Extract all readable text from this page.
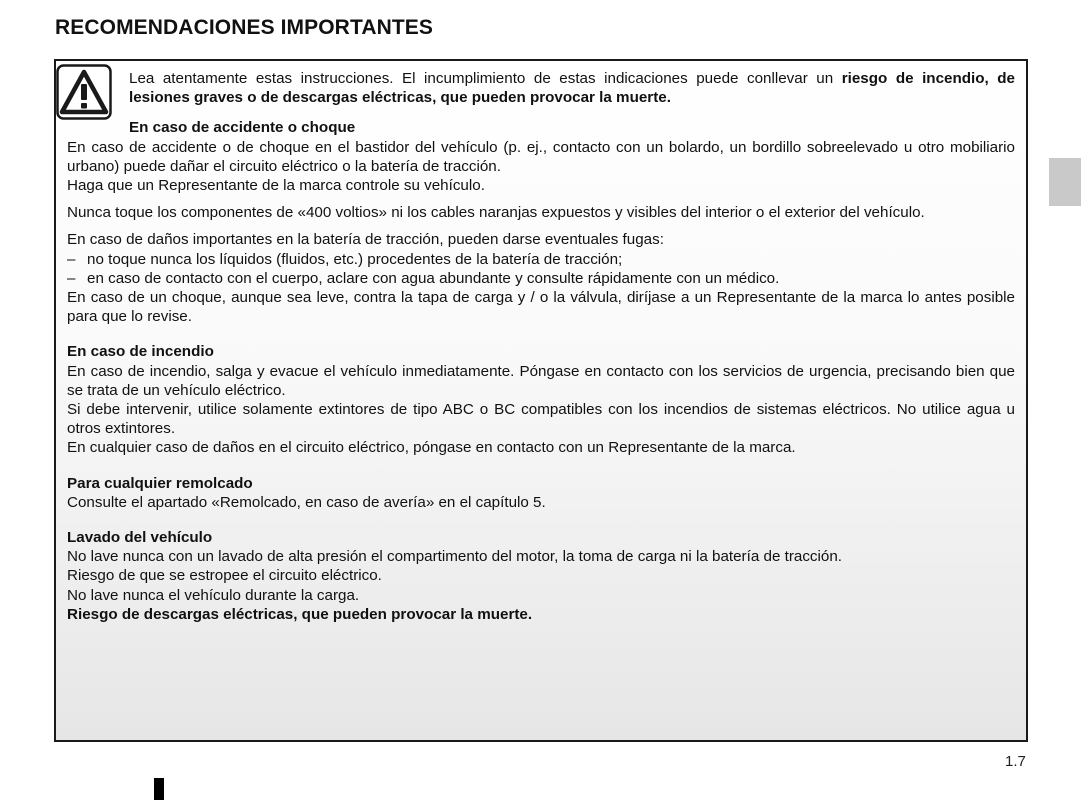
RECOMENDACIONES IMPORTANTES
Lea atentamente estas instrucciones. El incumplimiento de estas indicaciones puede conllevar un riesgo de incendio, de lesiones graves o de descargas eléctricas, que pueden provocar la muerte.

En caso de accidente o choque

En caso de accidente o de choque en el bastidor del vehículo (p. ej., contacto con un bolardo, un bordillo sobreelevado u otro mobiliario urbano) puede dañar el circuito eléctrico o la batería de tracción.

Haga que un Representante de la marca controle su vehículo.

Nunca toque los componentes de «400 voltios» ni los cables naranjas expuestos y visibles del interior o el exterior del vehículo.

En caso de daños importantes en la batería de tracción, pueden darse eventuales fugas:

– no toque nunca los líquidos (fluidos, etc.) procedentes de la batería de tracción;

– en caso de contacto con el cuerpo, aclare con agua abundante y consulte rápidamente con un médico.

En caso de un choque, aunque sea leve, contra la tapa de carga y / o la válvula, diríjase a un Representante de la marca lo antes posible para que lo revise.

En caso de incendio

En caso de incendio, salga y evacue el vehículo inmediatamente. Póngase en contacto con los servicios de urgencia, precisando bien que se trata de un vehículo eléctrico.

Si debe intervenir, utilice solamente extintores de tipo ABC o BC compatibles con los incendios de sistemas eléctricos. No utilice agua u otros extintores.

En cualquier caso de daños en el circuito eléctrico, póngase en contacto con un Representante de la marca.

Para cualquier remolcado

Consulte el apartado «Remolcado, en caso de avería» en el capítulo 5.

Lavado del vehículo

No lave nunca con un lavado de alta presión el compartimento del motor, la toma de carga ni la batería de tracción.

Riesgo de que se estropee el circuito eléctrico.

No lave nunca el vehículo durante la carga.

Riesgo de descargas eléctricas, que pueden provocar la muerte.

1.7
